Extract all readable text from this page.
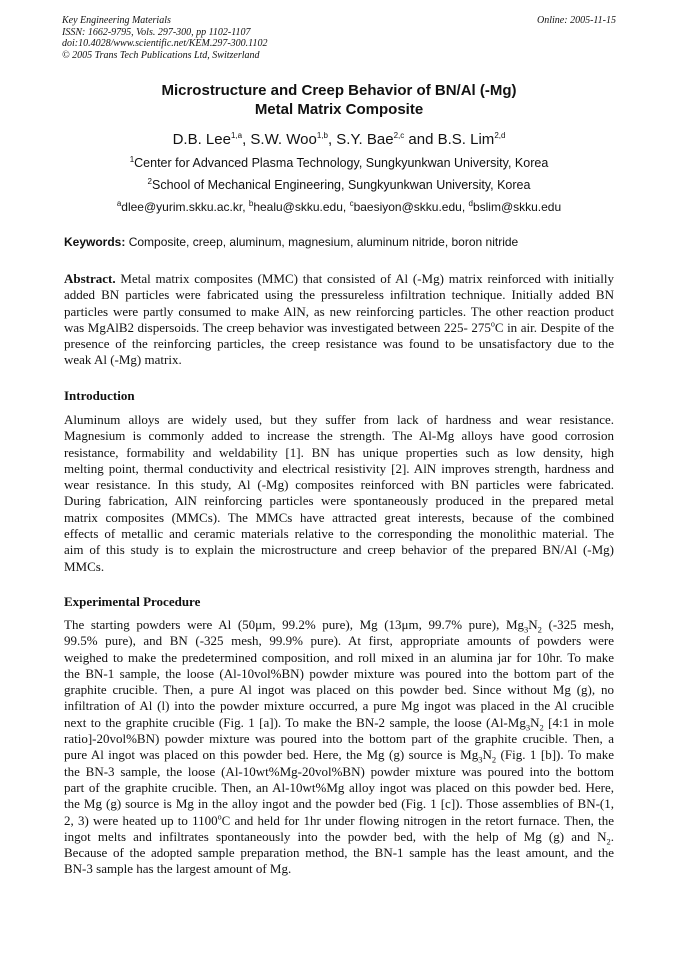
Key Engineering Materials
ISSN: 1662-9795, Vols. 297-300, pp 1102-1107
doi:10.4028/www.scientific.net/KEM.297-300.1102
© 2005 Trans Tech Publications Ltd, Switzerland
Online: 2005-11-15
Microstructure and Creep Behavior of BN/Al (-Mg)
Metal Matrix Composite
D.B. Lee$^{1,a}$, S.W. Woo$^{1,b}$, S.Y. Bae$^{2,c}$ and B.S. Lim$^{2,d}$
$^1$Center for Advanced Plasma Technology, Sungkyunkwan University, Korea
$^2$School of Mechanical Engineering, Sungkyunkwan University, Korea
$^a$dlee@yurim.skku.ac.kr, $^b$healu@skku.edu, $^c$baesiyon@skku.edu, $^d$bslim@skku.edu
Keywords: Composite, creep, aluminum, magnesium, aluminum nitride, boron nitride
Abstract. Metal matrix composites (MMC) that consisted of Al (-Mg) matrix reinforced with initially
added BN particles were fabricated using the pressureless infiltration technique. Initially added BN
particles were partly consumed to make AlN, as new reinforcing particles. The other reaction product
was MgAlB2 dispersoids. The creep behavior was investigated between 225- 275$^o$C in air. Despite of the
presence of the reinforcing particles, the creep resistance was found to be unsatisfactory due to the
weak Al (-Mg) matrix.
Introduction
Aluminum alloys are widely used, but they suffer from lack of hardness and wear resistance.
Magnesium is commonly added to increase the strength. The Al-Mg alloys have good corrosion
resistance, formability and weldability [1]. BN has unique properties such as low density, high
melting point, thermal conductivity and electrical resistivity [2]. AlN improves strength, hardness and
wear resistance. In this study, Al (-Mg) composites reinforced with BN particles were fabricated.
During fabrication, AlN reinforcing particles were spontaneously produced in the prepared metal
matrix composites (MMCs). The MMCs have attracted great interests, because of the combined
effects of metallic and ceramic materials relative to the corresponding the monolithic material. The
aim of this study is to explain the microstructure and creep behavior of the prepared BN/Al (-Mg)
MMCs.
Experimental Procedure
The starting powders were Al (50μm, 99.2% pure), Mg (13μm, 99.7% pure), $Mg_3N_2$ (-325 mesh,
99.5% pure), and BN (-325 mesh, 99.9% pure). At first, appropriate amounts of powders were
weighed to make the predetermined composition, and roll mixed in an alumina jar for 10hr. To make
the BN-1 sample, the loose (Al-10vol%BN) powder mixture was poured into the bottom part of the
graphite crucible. Then, a pure Al ingot was placed on this powder bed. Since without Mg (g), no
infiltration of Al (l) into the powder mixture occurred, a pure Mg ingot was placed in the Al crucible
next to the graphite crucible (Fig. 1 [a]). To make the BN-2 sample, the loose ($Al-Mg_3N_2$ [4:1 in mole
ratio]-20vol%BN) powder mixture was poured into the bottom part of the graphite crucible. Then, a
pure Al ingot was placed on this powder bed. Here, the Mg (g) source is $Mg_3N_2$ (Fig. 1 [b]). To make
the BN-3 sample, the loose (Al-10wt%Mg-20vol%BN) powder mixture was poured into the bottom
part of the graphite crucible. Then, an Al-10wt%Mg alloy ingot was placed on this powder bed. Here,
the Mg (g) source is Mg in the alloy ingot and the powder bed (Fig. 1 [c]). Those assemblies of BN-(1,
2, 3) were heated up to 1100$^o$C and held for 1hr under flowing nitrogen in the retort furnace. Then, the
ingot melts and infiltrates spontaneously into the powder bed, with the help of Mg (g) and $N_2$.
Because of the adopted sample preparation method, the BN-1 sample has the least amount, and the
BN-3 sample has the largest amount of Mg.
